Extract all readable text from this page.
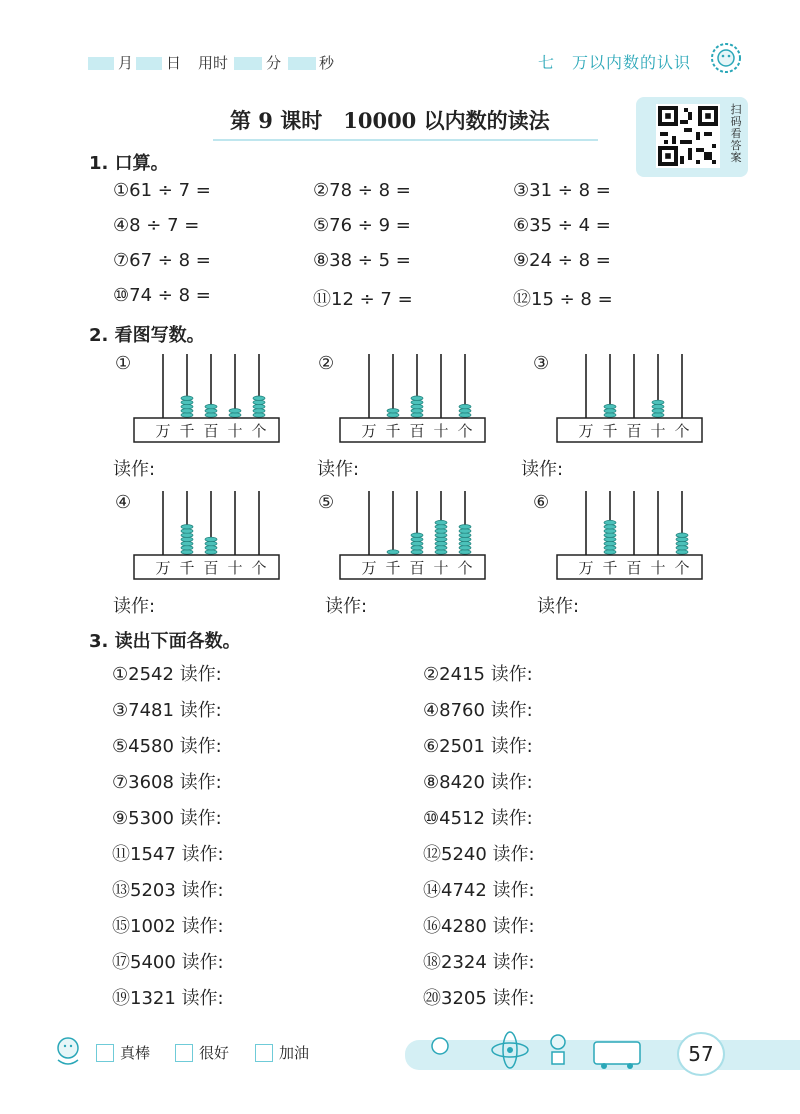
月 日 用时	分	秒	七　万以内数的认识
第 9 课时　10000 以内数的读法	扫码看答案
1. 口算。
①61 ÷ 7 =	②78 ÷ 8 =	③31 ÷ 8 =
④8 ÷ 7 =	⑤76 ÷ 9 =	⑥35 ÷ 4 =
⑦67 ÷ 8 =	⑧38 ÷ 5 =	⑨24 ÷ 8 =
⑩74 ÷ 8 =	⑪12 ÷ 7 =	⑫15 ÷ 8 =
2. 看图写数。
①	②	③
④	⑤	⑥
万 千 百 十 个	万 千 百 十 个	万 千 百 十 个
万 千 百 十 个	万 千 百 十 个	万 千 百 十 个
读作:	读作:	读作:
读作:	读作:	读作:
3. 读出下面各数。
①2542 读作:	②2415 读作:
③7481 读作:	④8760 读作:
⑤4580 读作:	⑥2501 读作:
⑦3608 读作:	⑧8420 读作:
⑨5300 读作:	⑩4512 读作:
⑪1547 读作:	⑫5240 读作:
⑬5203 读作:	⑭4742 读作:
⑮1002 读作:	⑯4280 读作:
⑰5400 读作:	⑱2324 读作:
⑲1321 读作:	⑳3205 读作:
真棒	很好	加油	57
